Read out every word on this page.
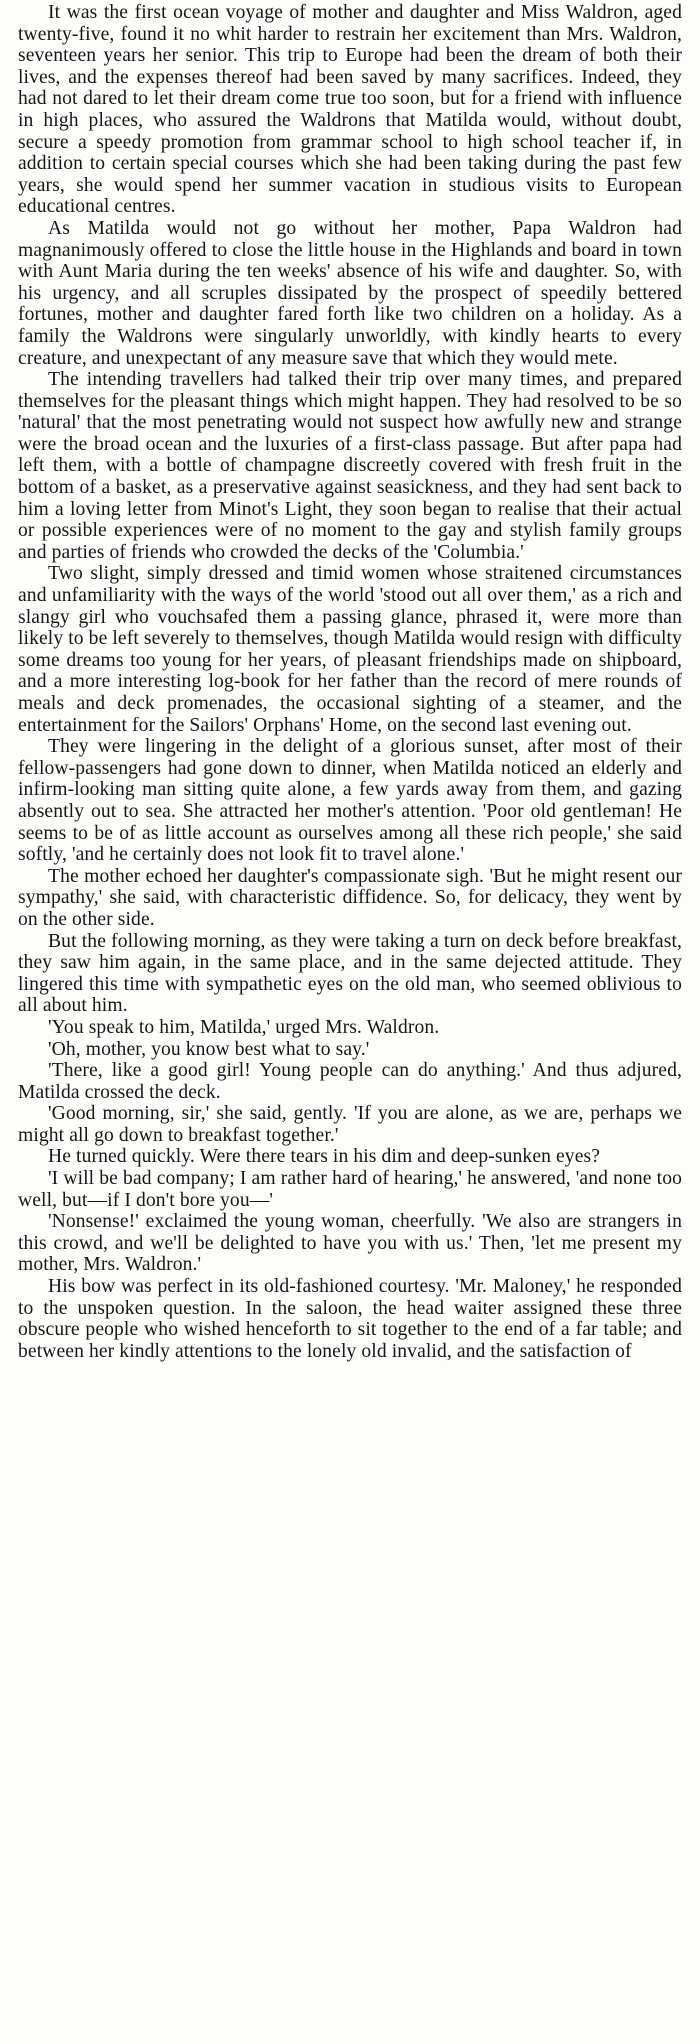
It was the first ocean voyage of mother and daughter and Miss Waldron, aged twenty-five, found it no whit harder to restrain her excitement than Mrs. Waldron, seventeen years her senior. This trip to Europe had been the dream of both their lives, and the expenses thereof had been saved by many sacrifices. Indeed, they had not dared to let their dream come true too soon, but for a friend with influence in high places, who assured the Waldrons that Matilda would, without doubt, secure a speedy promotion from grammar school to high school teacher if, in addition to certain special courses which she had been taking during the past few years, she would spend her summer vacation in studious visits to European educational centres.

As Matilda would not go without her mother, Papa Waldron had magnanimously offered to close the little house in the Highlands and board in town with Aunt Maria during the ten weeks' absence of his wife and daughter. So, with his urgency, and all scruples dissipated by the prospect of speedily bettered fortunes, mother and daughter fared forth like two children on a holiday. As a family the Waldrons were singularly unworldly, with kindly hearts to every creature, and unexpectant of any measure save that which they would mete.

The intending travellers had talked their trip over many times, and prepared themselves for the pleasant things which might happen. They had resolved to be so 'natural' that the most penetrating would not suspect how awfully new and strange were the broad ocean and the luxuries of a first-class passage. But after papa had left them, with a bottle of champagne discreetly covered with fresh fruit in the bottom of a basket, as a preservative against seasickness, and they had sent back to him a loving letter from Minot's Light, they soon began to realise that their actual or possible experiences were of no moment to the gay and stylish family groups and parties of friends who crowded the decks of the 'Columbia.'

Two slight, simply dressed and timid women whose straitened circumstances and unfamiliarity with the ways of the world 'stood out all over them,' as a rich and slangy girl who vouchsafed them a passing glance, phrased it, were more than likely to be left severely to themselves, though Matilda would resign with difficulty some dreams too young for her years, of pleasant friendships made on shipboard, and a more interesting log-book for her father than the record of mere rounds of meals and deck promenades, the occasional sighting of a steamer, and the entertainment for the Sailors' Orphans' Home, on the second last evening out.

They were lingering in the delight of a glorious sunset, after most of their fellow-passengers had gone down to dinner, when Matilda noticed an elderly and infirm-looking man sitting quite alone, a few yards away from them, and gazing absently out to sea. She attracted her mother's attention. 'Poor old gentleman! He seems to be of as little account as ourselves among all these rich people,' she said softly, 'and he certainly does not look fit to travel alone.'

The mother echoed her daughter's compassionate sigh. 'But he might resent our sympathy,' she said, with characteristic diffidence. So, for delicacy, they went by on the other side.

But the following morning, as they were taking a turn on deck before breakfast, they saw him again, in the same place, and in the same dejected attitude. They lingered this time with sympathetic eyes on the old man, who seemed oblivious to all about him.

'You speak to him, Matilda,' urged Mrs. Waldron.

'Oh, mother, you know best what to say.'

'There, like a good girl! Young people can do anything.' And thus adjured, Matilda crossed the deck.

'Good morning, sir,' she said, gently. 'If you are alone, as we are, perhaps we might all go down to breakfast together.'

He turned quickly. Were there tears in his dim and deep-sunken eyes?

'I will be bad company; I am rather hard of hearing,' he answered, 'and none too well, but—if I don't bore you—'

'Nonsense!' exclaimed the young woman, cheerfully. 'We also are strangers in this crowd, and we'll be delighted to have you with us.' Then, 'let me present my mother, Mrs. Waldron.'

His bow was perfect in its old-fashioned courtesy. 'Mr. Maloney,' he responded to the unspoken question. In the saloon, the head waiter assigned these three obscure people who wished henceforth to sit together to the end of a far table; and between her kindly attentions to the lonely old invalid, and the satisfaction of
